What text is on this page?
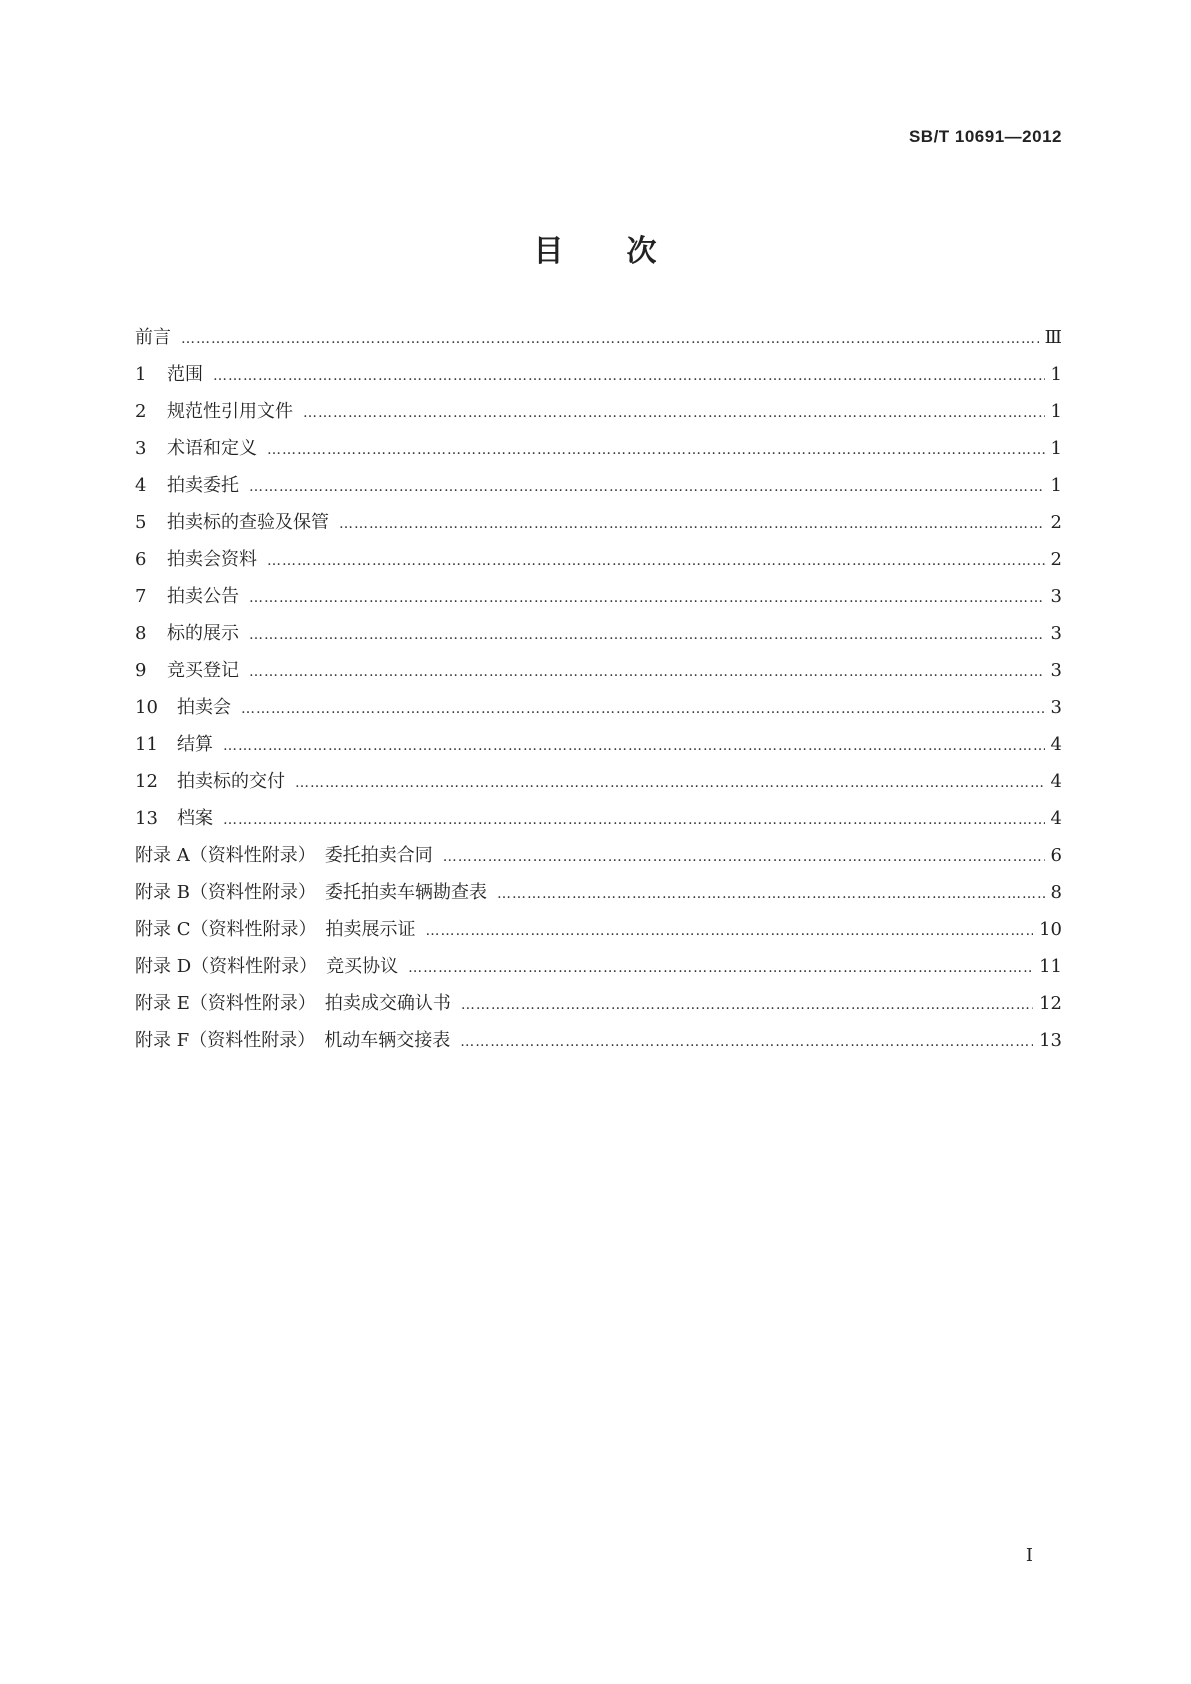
SB/T 10691—2012
目　　次
前言 ……………………………………………………………………………………………………………………………………………………………………………………………………………………………………	Ⅲ
1 范围 ……………………………………………………………………………………………………………………………………………………………………………………………………………………………………	1
2 规范性引用文件 ……………………………………………………………………………………………………………………………………………………………………………………………………………………………………	1
3 术语和定义 ……………………………………………………………………………………………………………………………………………………………………………………………………………………………………	1
4 拍卖委托 ……………………………………………………………………………………………………………………………………………………………………………………………………………………………………	1
5 拍卖标的查验及保管 ……………………………………………………………………………………………………………………………………………………………………………………………………………………………………	2
6 拍卖会资料 ……………………………………………………………………………………………………………………………………………………………………………………………………………………………………	2
7 拍卖公告 ……………………………………………………………………………………………………………………………………………………………………………………………………………………………………	3
8 标的展示 ……………………………………………………………………………………………………………………………………………………………………………………………………………………………………	3
9 竞买登记 ……………………………………………………………………………………………………………………………………………………………………………………………………………………………………	3
10 拍卖会 ……………………………………………………………………………………………………………………………………………………………………………………………………………………………………	3
11 结算 ……………………………………………………………………………………………………………………………………………………………………………………………………………………………………	4
12 拍卖标的交付 ……………………………………………………………………………………………………………………………………………………………………………………………………………………………………	4
13 档案 ……………………………………………………………………………………………………………………………………………………………………………………………………………………………………	4
附录 A（资料性附录）　委托拍卖合同 ……………………………………………………………………………………………………………………………………………………………………………………………………………………………………	6
附录 B（资料性附录）　委托拍卖车辆勘查表 ……………………………………………………………………………………………………………………………………………………………………………………………………………………………………	8
附录 C（资料性附录）　拍卖展示证 ……………………………………………………………………………………………………………………………………………………………………………………………………………………………………	10
附录 D（资料性附录）　竞买协议 ……………………………………………………………………………………………………………………………………………………………………………………………………………………………………	11
附录 E（资料性附录）　拍卖成交确认书 ……………………………………………………………………………………………………………………………………………………………………………………………………………………………………	12
附录 F（资料性附录）　机动车辆交接表 ……………………………………………………………………………………………………………………………………………………………………………………………………………………………………	13
I
